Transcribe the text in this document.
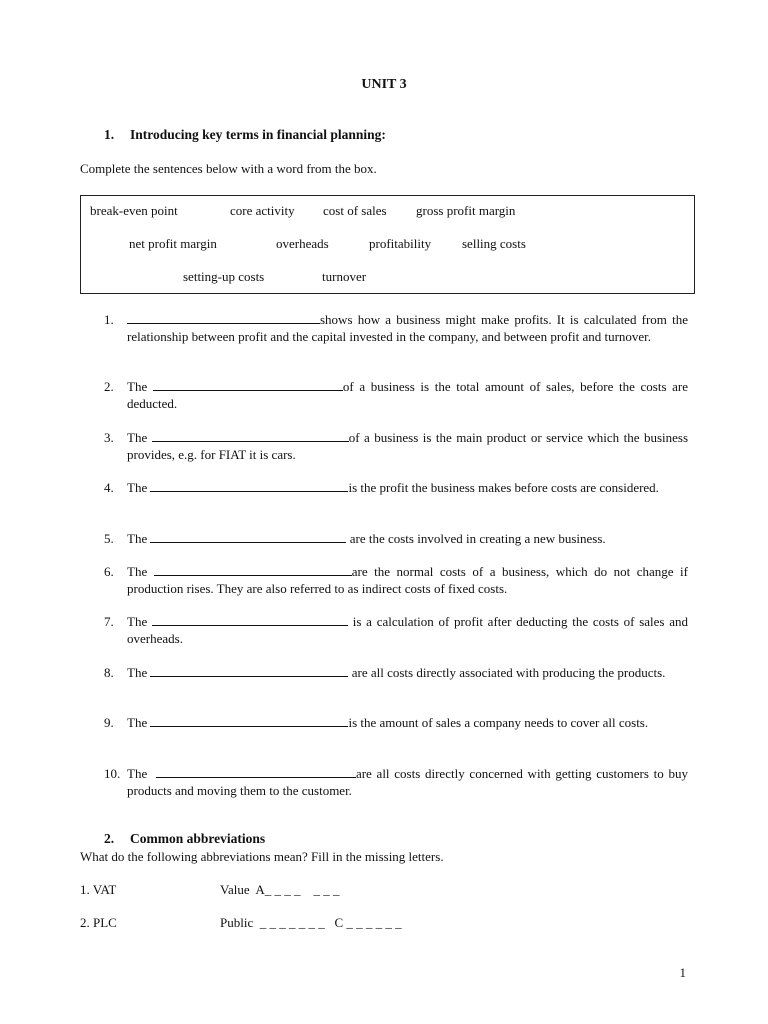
UNIT 3
1. Introducing key terms in financial planning:
Complete the sentences below with a word from the box.
break-even point	core activity cost of sales gross profit margin
net profit margin	overheads	profitability selling costs
setting-up costs	turnover
1.	shows how a business might make profits. It is calculated from the relationship between profit and the capital invested in the company, and between profit and turnover.
2. The	of a business is the total amount of sales, before the costs are deducted.
3. The	of a business is the main product or service which the business provides, e.g. for FIAT it is cars.
4. The	is the profit the business makes before costs are considered.
5. The	are the costs involved in creating a new business.
6. The	are the normal costs of a business, which do not change if production rises. They are also referred to as indirect costs of fixed costs.
7. The	is a calculation of profit after deducting the costs of sales and overheads.
8. The	are all costs directly associated with producing the products.
9. The	is the amount of sales a company needs to cover all costs.
10. The	are all costs directly concerned with getting customers to buy products and moving them to the customer.
2. Common abbreviations
What do the following abbreviations mean? Fill in the missing letters.
1. VAT	Value  A_ _ _ _    _ _ _
2. PLC	Public  _ _ _ _ _ _ _   C _ _ _ _ _ _
1
